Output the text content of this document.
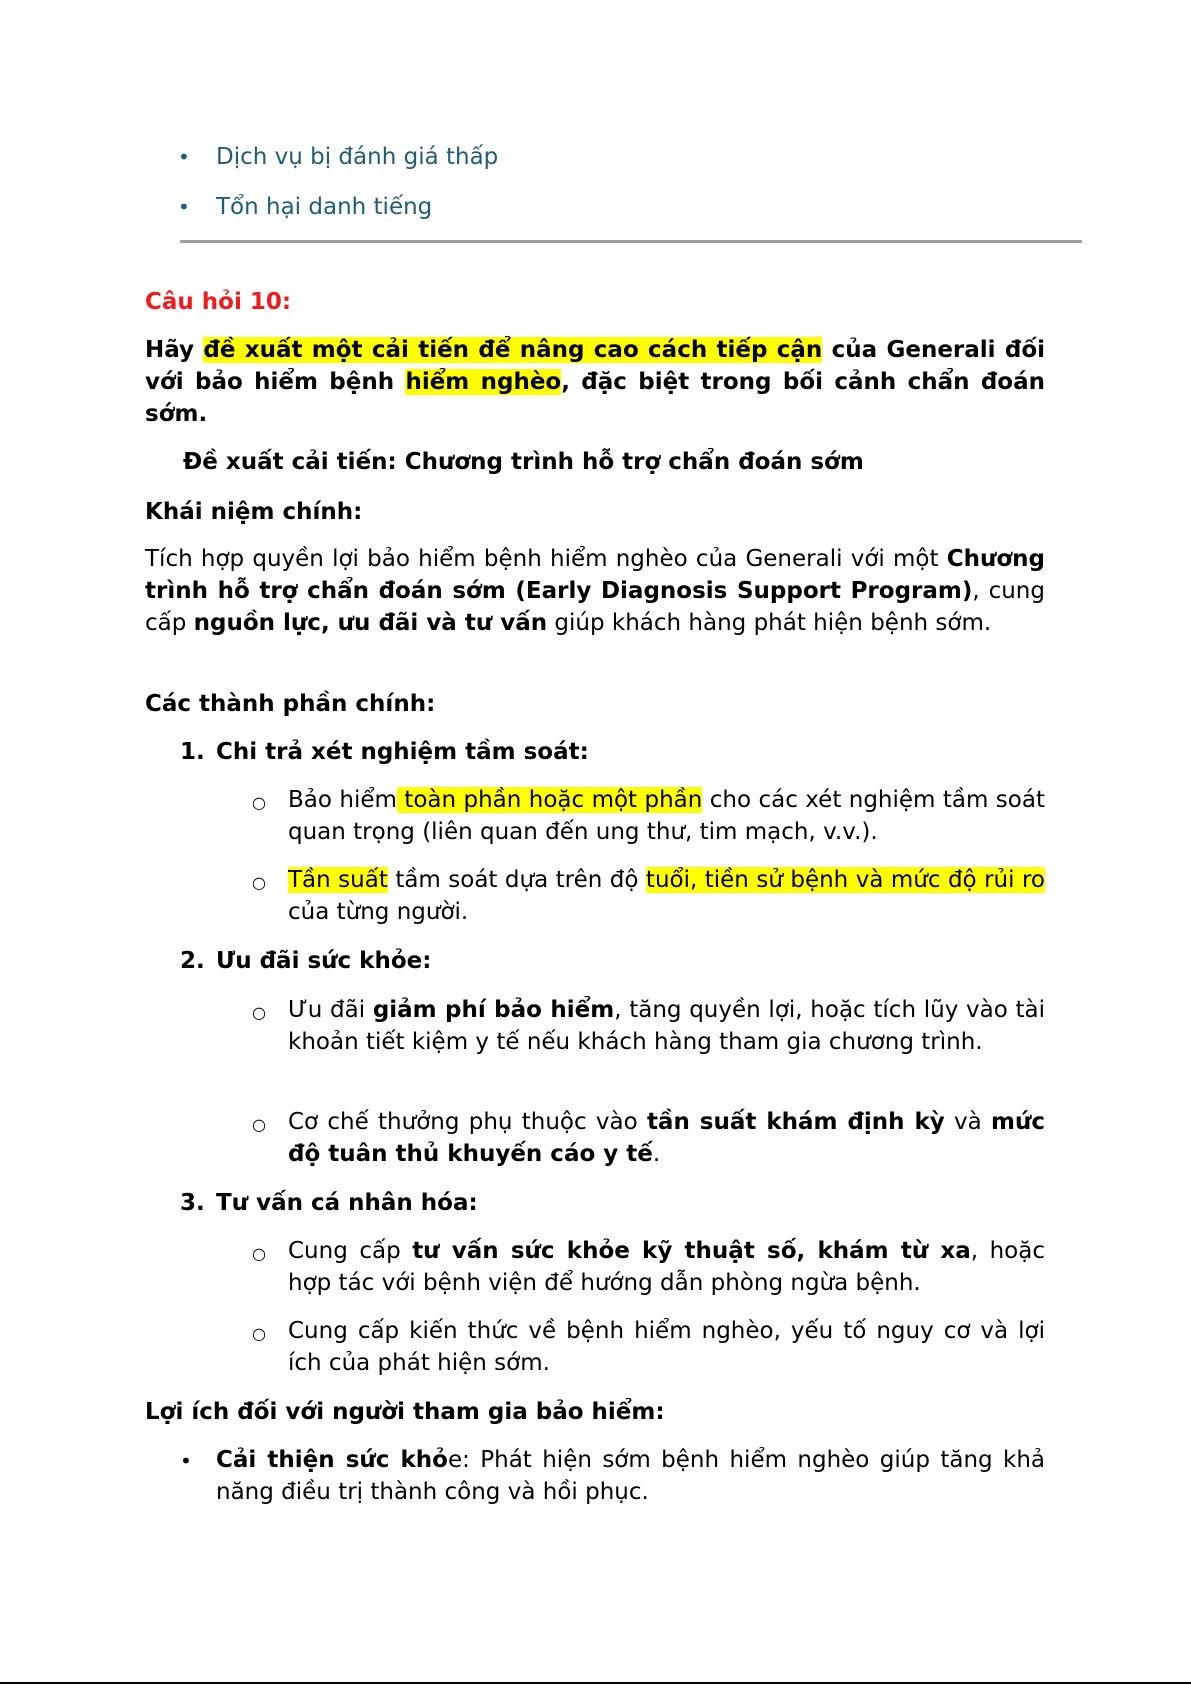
• Dịch vụ bị đánh giá thấp
• Tổn hại danh tiếng

Câu hỏi 10:

Hãy đề xuất một cải tiến để nâng cao cách tiếp cận của Generali đối với bảo hiểm bệnh hiểm nghèo, đặc biệt trong bối cảnh chẩn đoán sớm.

Đề xuất cải tiến: Chương trình hỗ trợ chẩn đoán sớm

Khái niệm chính:

Tích hợp quyền lợi bảo hiểm bệnh hiểm nghèo của Generali với một Chương trình hỗ trợ chẩn đoán sớm (Early Diagnosis Support Program), cung cấp nguồn lực, ưu đãi và tư vấn giúp khách hàng phát hiện bệnh sớm.

Các thành phần chính:

1. Chi trả xét nghiệm tầm soát:
○ Bảo hiểm toàn phần hoặc một phần cho các xét nghiệm tầm soát quan trọng (liên quan đến ung thư, tim mạch, v.v.).

○ Tần suất tầm soát dựa trên độ tuổi, tiền sử bệnh và mức độ rủi ro của từng người.

2. Ưu đãi sức khỏe:
○ Ưu đãi giảm phí bảo hiểm, tăng quyền lợi, hoặc tích lũy vào tài khoản tiết kiệm y tế nếu khách hàng tham gia chương trình.

○ Cơ chế thưởng phụ thuộc vào tần suất khám định kỳ và mức độ tuân thủ khuyến cáo y tế.

3. Tư vấn cá nhân hóa:
○ Cung cấp tư vấn sức khỏe kỹ thuật số, khám từ xa, hoặc hợp tác với bệnh viện để hướng dẫn phòng ngừa bệnh.

○ Cung cấp kiến thức về bệnh hiểm nghèo, yếu tố nguy cơ và lợi ích của phát hiện sớm.

Lợi ích đối với người tham gia bảo hiểm:

• Cải thiện sức khỏe: Phát hiện sớm bệnh hiểm nghèo giúp tăng khả năng điều trị thành công và hồi phục.
